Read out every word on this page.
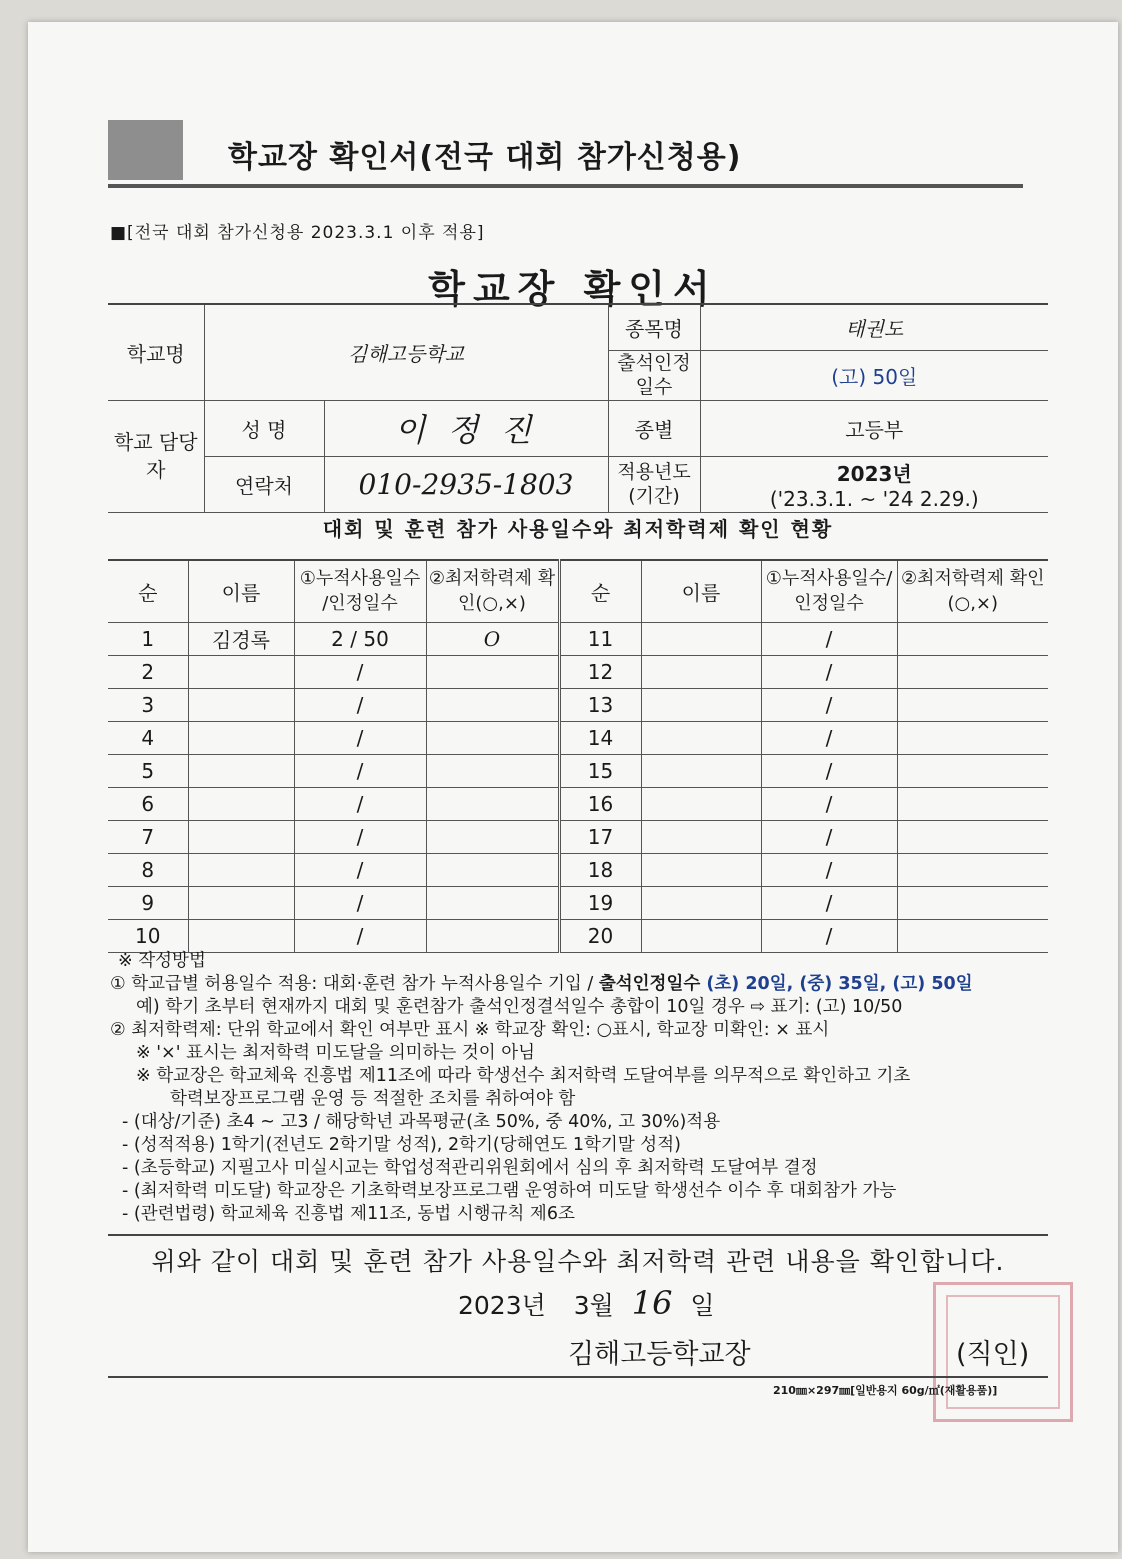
학교장 확인서(전국 대회 참가신청용)
■[전국 대회 참가신청용 2023.3.1 이후 적용]
학교장 확인서
학교명	김해고등학교		종목명	태권도
			출석인정 일수	(고) 50일
학교 담당자	성 명	이 정 진	종별	고등부
	연락처	010-2935-1803	적용년도 (기간)	2023년
('23.3.1. ~ '24 2.29.)
대회 및 훈련 참가 사용일수와 최저학력제 확인 현황
순	이름	①누적사용일수 /인정일수	②최저학력제 확인(○,×)	순	이름	①누적사용일수/ 인정일수	②최저학력제 확인(○,×)
1	김경록	2 / 50	O	11		/	
2		/		12		/	
3		/		13		/	
4		/		14		/	
5		/		15		/	
6		/		16		/	
7		/		17		/	
8		/		18		/	
9		/		19		/	
10		/		20		/	
※ 작성방법
① 학교급별 허용일수 적용: 대회·훈련 참가 누적사용일수 기입 / 출석인정일수 (초) 20일, (중) 35일, (고) 50일
예) 학기 초부터 현재까지 대회 및 훈련참가 출석인정결석일수 총합이 10일 경우 ⇨ 표기: (고) 10/50
② 최저학력제: 단위 학교에서 확인 여부만 표시 ※ 학교장 확인: ○표시, 학교장 미확인: × 표시
※ '×' 표시는 최저학력 미도달을 의미하는 것이 아님
※ 학교장은 학교체육 진흥법 제11조에 따라 학생선수 최저학력 도달여부를 의무적으로 확인하고 기초
학력보장프로그램 운영 등 적절한 조치를 취하여야 함
- (대상/기준) 초4 ~ 고3 / 해당학년 과목평균(초 50%, 중 40%, 고 30%)적용
- (성적적용) 1학기(전년도 2학기말 성적), 2학기(당해연도 1학기말 성적)
- (초등학교) 지필고사 미실시교는 학업성적관리위원회에서 심의 후 최저학력 도달여부 결정
- (최저학력 미도달) 학교장은 기초학력보장프로그램 운영하여 미도달 학생선수 이수 후 대회참가 가능
- (관련법령) 학교체육 진흥법 제11조, 동법 시행규칙 제6조
위와 같이 대회 및 훈련 참가 사용일수와 최저학력 관련 내용을 확인합니다.
2023년 3월 16 일
김해고등학교장	(직인)
210㎜×297㎜[일반용지 60g/㎡(재활용품)]
